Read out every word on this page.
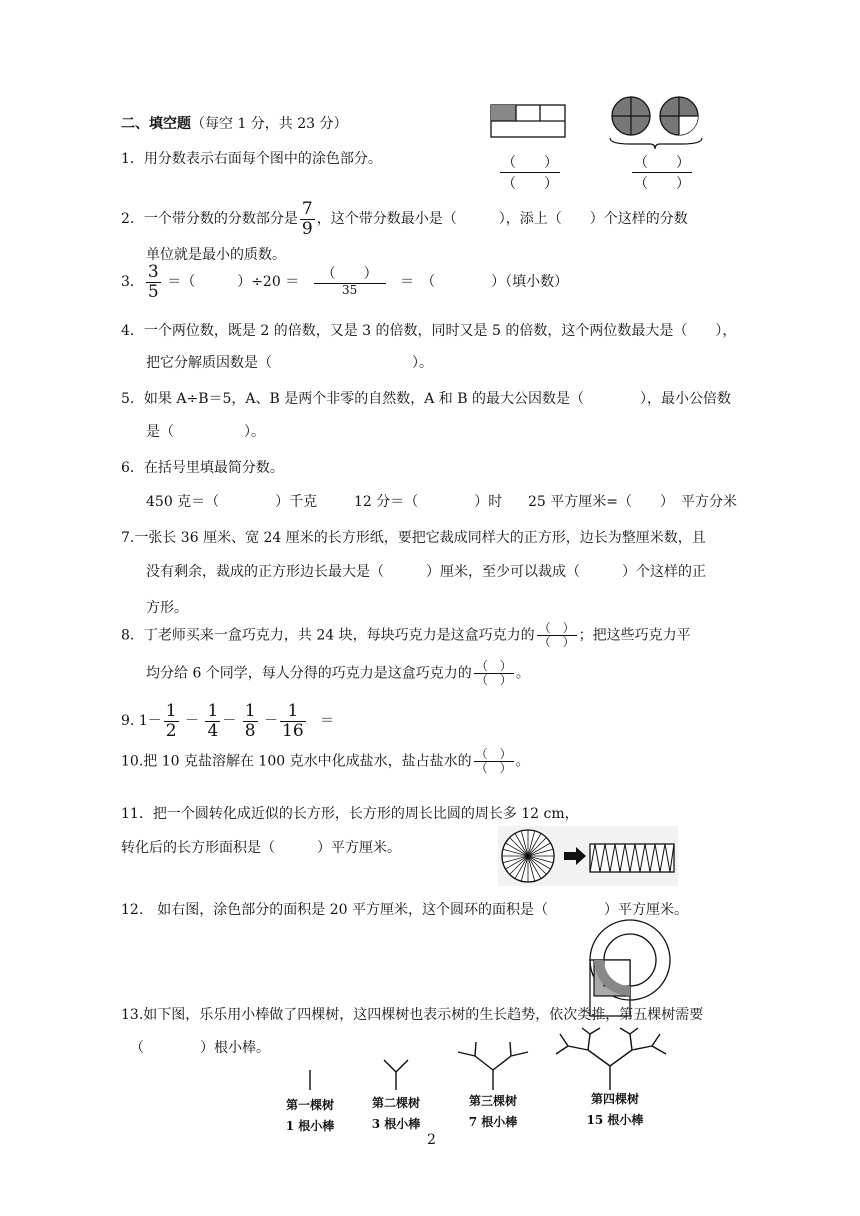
二、填空题（每空 1 分，共 23 分）
1．用分数表示右面每个图中的涂色部分。	（　　）
（　　）
（　　）
（　　）
2．一个带分数的分数部分是 $\frac{7}{9}$ ，这个带分数最小是（　　　），添上（　　）个这样的分数
单位就是最小的质数。
3． $\frac{3}{5}$ ＝（　　　）$\div 20 = \frac{( )}{35}$ ＝　（　　　　）（填小数）
4．一个两位数，既是 2 的倍数，又是 3 的倍数，同时又是 5 的倍数，这个两位数最大是（　　），
把它分解质因数是（　　　　　　　　　　）。
5．如果 A÷B＝5，A、B 是两个非零的自然数，A 和 B 的最大公因数是（　　　　），最小公倍数
是（　　　　　）。
6．在括号里填最简分数。
450 克＝（　　　　）千克	12 分＝（　　　　）时 25 平方厘米=（　　）　平方分米
7.一张长 36 厘米、宽 24 厘米的长方形纸，要把它裁成同样大的正方形，边长为整厘米数，且
没有剩余，裁成的正方形边长最大是（　　　）厘米，至少可以裁成（　　　）个这样的正
方形。
8．丁老师买来一盒巧克力，共 24 块，每块巧克力是这盒巧克力的 $\frac{( )}{( )}$ ；把这些巧克力平
均分给 6 个同学，每人分得的巧克力是这盒巧克力的 $\frac{( )}{( )}$ 。
9. $1- \frac{1}{2} - \frac{1}{4} - \frac{1}{8} - \frac{1}{16}$ ＝
10.把 10 克盐溶解在 100 克水中化成盐水，盐占盐水的 $\frac{( )}{( )}$ 。
11．把一个圆转化成近似的长方形，长方形的周长比圆的周长多 12 cm，
转化后的长方形面积是（　　　）平方厘米。
12.　如右图，涂色部分的面积是 20 平方厘米，这个圆环的面积是（　　　　）平方厘米。
13.如下图，乐乐用小棒做了四棵树，这四棵树也表示树的生长趋势，依次类推，第五棵树需要
（　　　　）根小棒。
第一棵树
1 根小棒
第二棵树
3 根小棒
第三棵树
7 根小棒
第四棵树
15 根小棒
2
